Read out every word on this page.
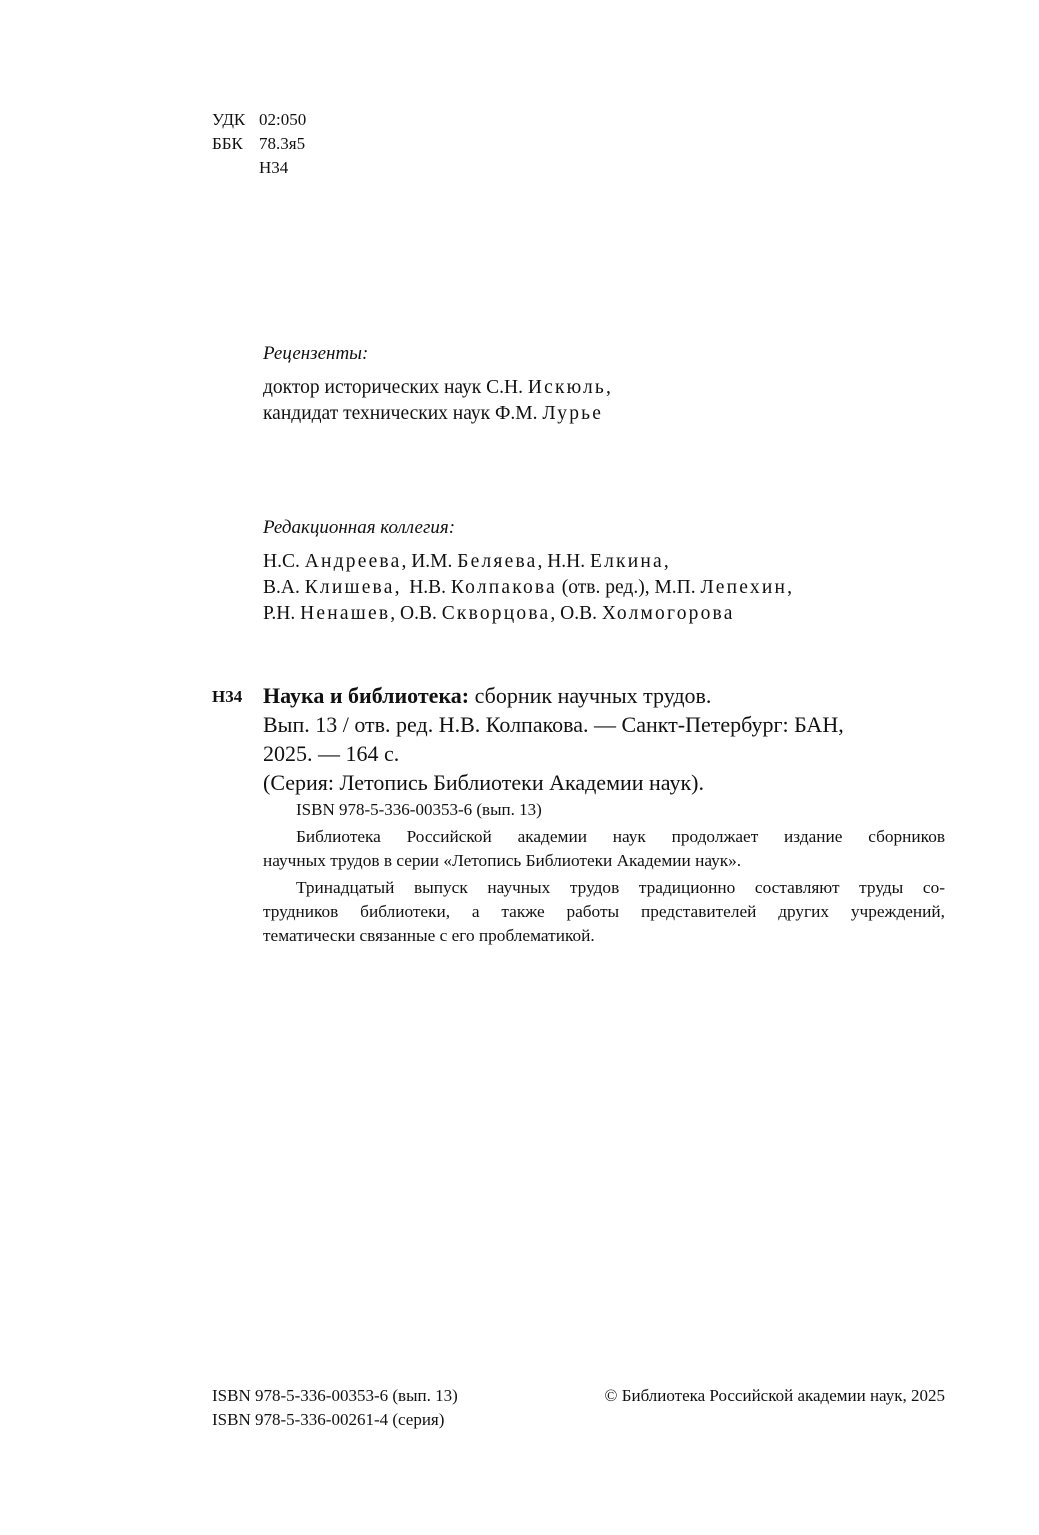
УДК 02:050
ББК 78.3я5
Н34
Рецензенты:
доктор исторических наук С.Н. Искюль,
кандидат технических наук Ф.М. Лурье
Редакционная коллегия:
Н.С. Андреева, И.М. Беляева, Н.Н. Елкина,
В.А. Клишева,  Н.В. Колпакова (отв. ред.), М.П. Лепехин,
Р.Н. Ненашев, О.В. Скворцова, О.В. Холмогорова
Н34 Наука и библиотека: сборник научных трудов.
Вып. 13 / отв. ред. Н.В. Колпакова. — Санкт-Петербург: БАН,
2025. — 164 с.
(Серия: Летопись Библиотеки Академии наук).
ISBN 978-5-336-00353-6 (вып. 13)
Библиотека Российской академии наук продолжает издание сборников
научных трудов в серии «Летопись Библиотеки Академии наук».
Тринадцатый выпуск научных трудов традиционно составляют труды со-
трудников библиотеки, а также работы представителей других учреждений,
тематически связанные с его проблематикой.
ISBN 978-5-336-00353-6 (вып. 13)
ISBN 978-5-336-00261-4 (серия)
© Библиотека Российской академии наук, 2025
